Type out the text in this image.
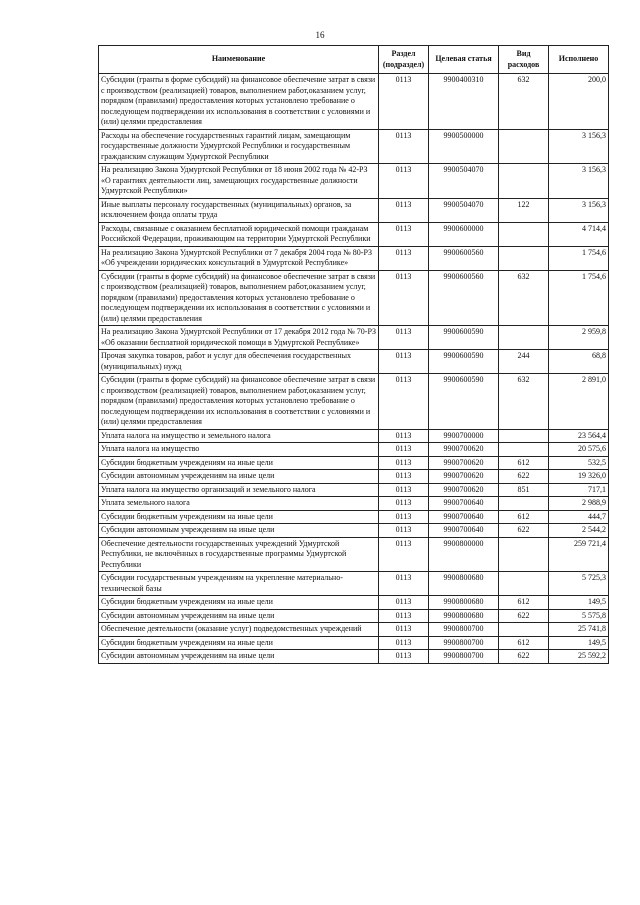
16
Наименование	Раздел (подраздел)	Целевая статья	Вид расходов	Исполнено
Субсидии (гранты в форме субсидий) на финансовое обеспечение затрат в связи с производством (реализацией) товаров, выполнением работ,оказанием услуг, порядком (правилами) предоставления которых установлено требование о последующем подтверждении их использования в соответствии с условиями и (или) целями предоставления	0113	9900400310	632	200,0
Расходы на обеспечение государственных гарантий лицам, замещающим государственные должности Удмуртской Республики и государственным гражданским служащим Удмуртской Республики	0113	9900500000		3 156,3
На реализацию Закона Удмуртской Республики от 18 июня 2002 года № 42-РЗ «О гарантиях деятельности лиц, замещающих государственные должности Удмуртской Республики»	0113	9900504070		3 156,3
Иные выплаты персоналу государственных (муниципальных) органов, за исключением фонда оплаты труда	0113	9900504070	122	3 156,3
Расходы, связанные с оказанием бесплатной юридической помощи гражданам Российской Федерации, проживающим на территории Удмуртской Республики	0113	9900600000		4 714,4
На реализацию Закона Удмуртской Республики от 7 декабря 2004 года № 80-РЗ «Об учреждении юридических консультаций в Удмуртской Республике»	0113	9900600560		1 754,6
Субсидии (гранты в форме субсидий) на финансовое обеспечение затрат в связи с производством (реализацией) товаров, выполнением работ,оказанием услуг, порядком (правилами) предоставления которых установлено требование о последующем подтверждении их использования в соответствии с условиями и (или) целями предоставления	0113	9900600560	632	1 754,6
На реализацию Закона Удмуртской Республики от 17 декабря 2012 года № 70-РЗ «Об оказании бесплатной юридической помощи в Удмуртской Республике»	0113	9900600590		2 959,8
Прочая закупка товаров, работ и услуг для обеспечения государственных (муниципальных) нужд	0113	9900600590	244	68,8
Субсидии (гранты в форме субсидий) на финансовое обеспечение затрат в связи с производством (реализацией) товаров, выполнением работ,оказанием услуг, порядком (правилами) предоставления которых установлено требование о последующем подтверждении их использования в соответствии с условиями и (или) целями предоставления	0113	9900600590	632	2 891,0
Уплата налога на имущество и земельного налога	0113	9900700000		23 564,4
Уплата налога на имущество	0113	9900700620		20 575,6
Субсидии бюджетным учреждениям на иные цели	0113	9900700620	612	532,5
Субсидии автономным учреждениям на иные цели	0113	9900700620	622	19 326,0
Уплата налога на имущество организаций и земельного налога	0113	9900700620	851	717,1
Уплата земельного налога	0113	9900700640		2 988,9
Субсидии бюджетным учреждениям на иные цели	0113	9900700640	612	444,7
Субсидии автономным учреждениям на иные цели	0113	9900700640	622	2 544,2
Обеспечение деятельности государственных учреждений Удмуртской Республики, не включённых в государственные программы Удмуртской Республики	0113	9900800000		259 721,4
Субсидии государственным учреждениям на укрепление материально-технической базы	0113	9900800680		5 725,3
Субсидии бюджетным учреждениям на иные цели	0113	9900800680	612	149,5
Субсидии автономным учреждениям на иные цели	0113	9900800680	622	5 575,8
Обеспечение деятельности (оказание услуг) подведомственных учреждений	0113	9900800700		25 741,8
Субсидии бюджетным учреждениям на иные цели	0113	9900800700	612	149,5
Субсидии автономным учреждениям на иные цели	0113	9900800700	622	25 592,2
